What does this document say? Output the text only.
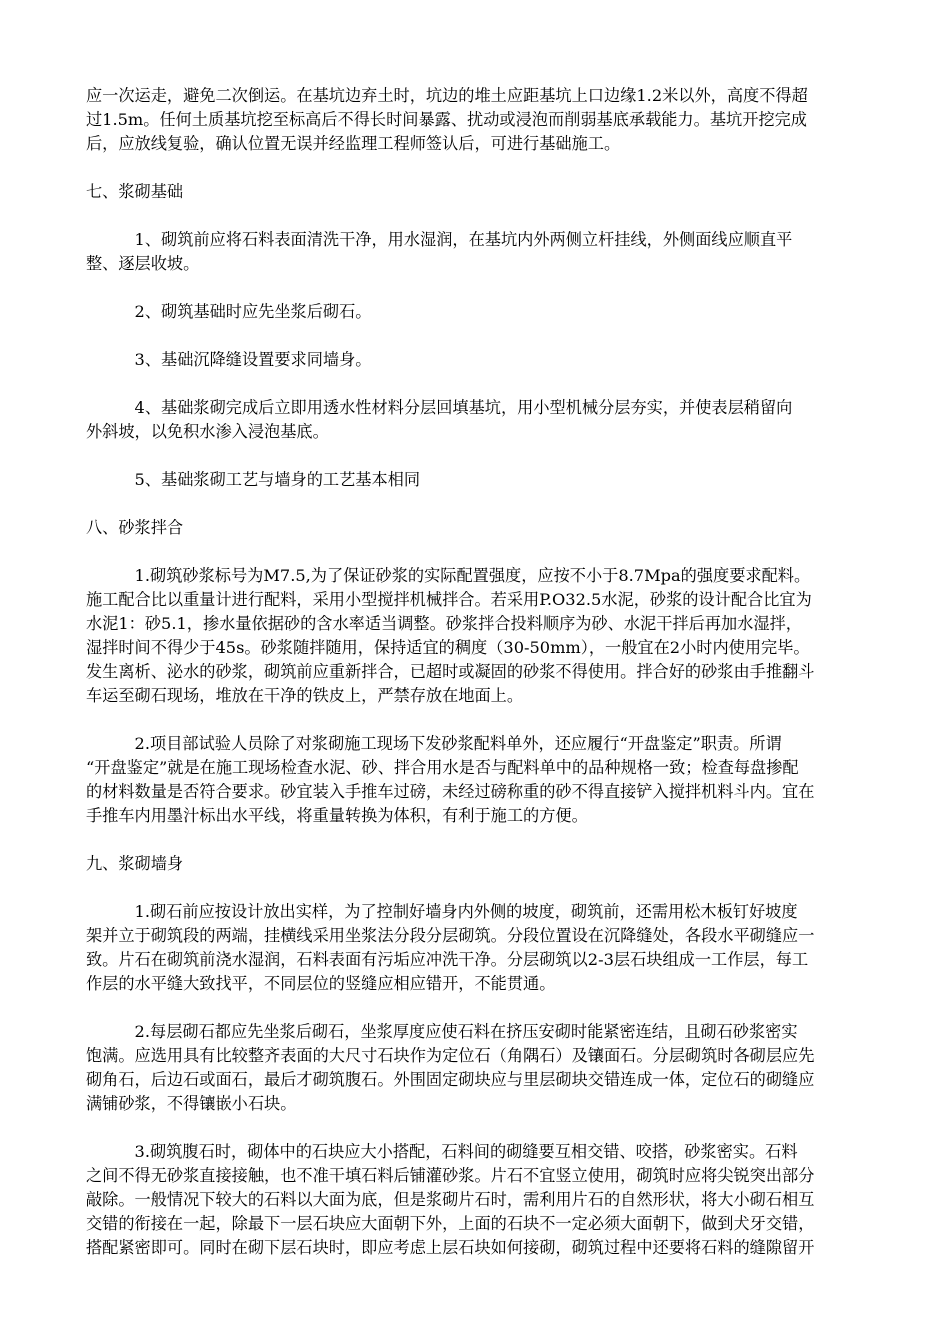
应一次运走，避免二次倒运。在基坑边弃土时，坑边的堆土应距基坑上口边缘1.2米以外，高度不得超
过1.5m。任何土质基坑挖至标高后不得长时间暴露、扰动或浸泡而削弱基底承载能力。基坑开挖完成
后，应放线复验，确认位置无误并经监理工程师签认后，可进行基础施工。
七、浆砌基础
　　　1、砌筑前应将石料表面清洗干净，用水湿润，在基坑内外两侧立杆挂线，外侧面线应顺直平
整、逐层收坡。
　　　2、砌筑基础时应先坐浆后砌石。
　　　3、基础沉降缝设置要求同墙身。
　　　4、基础浆砌完成后立即用透水性材料分层回填基坑，用小型机械分层夯实，并使表层稍留向
外斜坡，以免积水渗入浸泡基底。
　　　5、基础浆砌工艺与墙身的工艺基本相同
八、砂浆拌合
　　　1.砌筑砂浆标号为M7.5,为了保证砂浆的实际配置强度，应按不小于8.7Mpa的强度要求配料。
施工配合比以重量计进行配料，采用小型搅拌机械拌合。若采用P.O32.5水泥，砂浆的设计配合比宜为
水泥1：砂5.1，掺水量依据砂的含水率适当调整。砂浆拌合投料顺序为砂、水泥干拌后再加水湿拌，
湿拌时间不得少于45s。砂浆随拌随用，保持适宜的稠度（30-50mm），一般宜在2小时内使用完毕。
发生离析、泌水的砂浆，砌筑前应重新拌合，已超时或凝固的砂浆不得使用。拌合好的砂浆由手推翻斗
车运至砌石现场，堆放在干净的铁皮上，严禁存放在地面上。
　　　2.项目部试验人员除了对浆砌施工现场下发砂浆配料单外，还应履行“开盘鉴定”职责。所谓
“开盘鉴定”就是在施工现场检查水泥、砂、拌合用水是否与配料单中的品种规格一致；检查每盘掺配
的材料数量是否符合要求。砂宜装入手推车过磅，未经过磅称重的砂不得直接铲入搅拌机料斗内。宜在
手推车内用墨汁标出水平线，将重量转换为体积，有利于施工的方便。
九、浆砌墙身
　　　1.砌石前应按设计放出实样，为了控制好墙身内外侧的坡度，砌筑前，还需用松木板钉好坡度
架并立于砌筑段的两端，挂横线采用坐浆法分段分层砌筑。分段位置设在沉降缝处，各段水平砌缝应一
致。片石在砌筑前浇水湿润，石料表面有污垢应冲洗干净。分层砌筑以2-3层石块组成一工作层，每工
作层的水平缝大致找平，不同层位的竖缝应相应错开，不能贯通。
　　　2.每层砌石都应先坐浆后砌石，坐浆厚度应使石料在挤压安砌时能紧密连结，且砌石砂浆密实
饱满。应选用具有比较整齐表面的大尺寸石块作为定位石（角隅石）及镶面石。分层砌筑时各砌层应先
砌角石，后边石或面石，最后才砌筑腹石。外围固定砌块应与里层砌块交错连成一体，定位石的砌缝应
满铺砂浆，不得镶嵌小石块。
　　　3.砌筑腹石时，砌体中的石块应大小搭配，石料间的砌缝要互相交错、咬搭，砂浆密实。石料
之间不得无砂浆直接接触，也不准干填石料后铺灌砂浆。片石不宜竖立使用，砌筑时应将尖锐突出部分
敲除。一般情况下较大的石料以大面为底，但是浆砌片石时，需利用片石的自然形状，将大小砌石相互
交错的衔接在一起，除最下一层石块应大面朝下外，上面的石块不一定必须大面朝下，做到犬牙交错，
搭配紧密即可。同时在砌下层石块时，即应考虑上层石块如何接砌，砌筑过程中还要将石料的缝隙留开
